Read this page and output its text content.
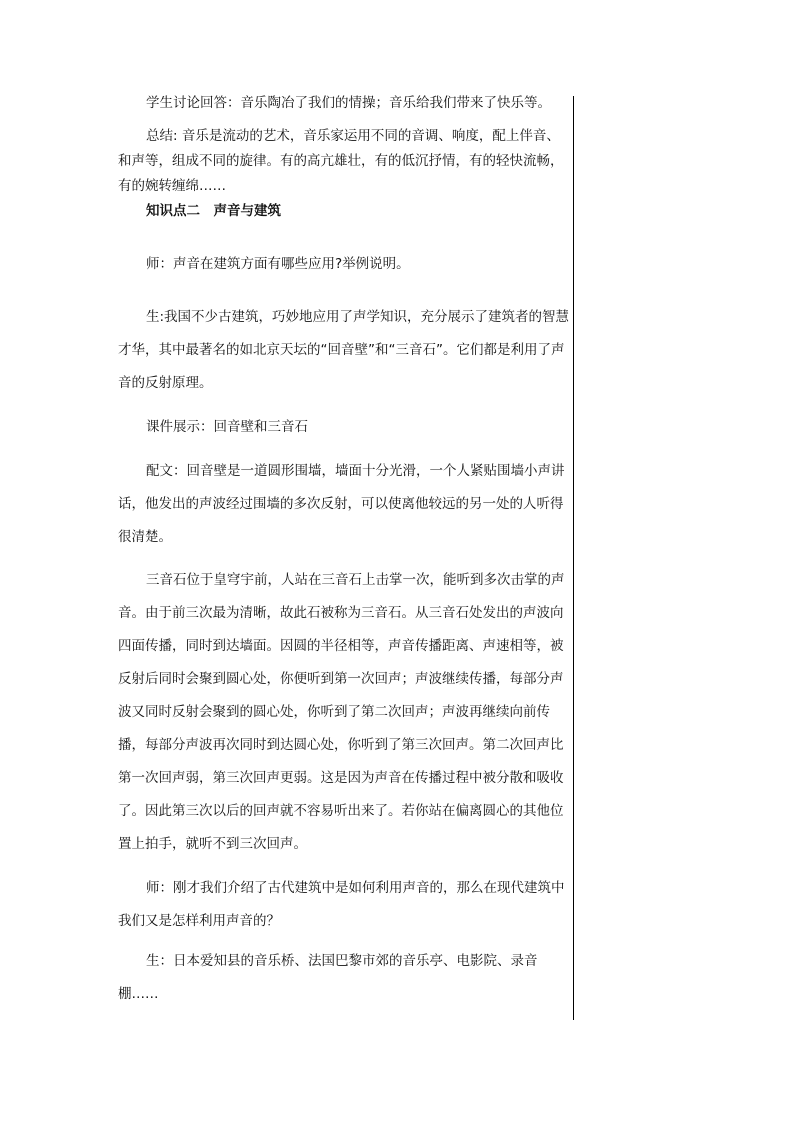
学生讨论回答：音乐陶冶了我们的情操；音乐给我们带来了快乐等。

总结: 音乐是流动的艺术，音乐家运用不同的音调、响度，配上伴音、和声等，组成不同的旋律。有的高亢雄壮，有的低沉抒情，有的轻快流畅，有的婉转缠绵……

知识点二　声音与建筑

师：声音在建筑方面有哪些应用?举例说明。

生:我国不少古建筑，巧妙地应用了声学知识，充分展示了建筑者的智慧才华，其中最著名的如北京天坛的“回音壁”和“三音石”。它们都是利用了声音的反射原理。

课件展示：回音壁和三音石

配文：回音壁是一道圆形围墙，墙面十分光滑，一个人紧贴围墙小声讲话，他发出的声波经过围墙的多次反射，可以使离他较远的另一处的人听得很清楚。

三音石位于皇穹宇前，人站在三音石上击掌一次，能听到多次击掌的声音。由于前三次最为清晰，故此石被称为三音石。从三音石处发出的声波向四面传播，同时到达墙面。因圆的半径相等，声音传播距离、声速相等，被反射后同时会聚到圆心处，你便听到第一次回声；声波继续传播，每部分声波又同时反射会聚到的圆心处，你听到了第二次回声；声波再继续向前传播，每部分声波再次同时到达圆心处，你听到了第三次回声。第二次回声比第一次回声弱，第三次回声更弱。这是因为声音在传播过程中被分散和吸收了。因此第三次以后的回声就不容易听出来了。若你站在偏离圆心的其他位置上拍手，就听不到三次回声。

师：刚才我们介绍了古代建筑中是如何利用声音的，那么在现代建筑中我们又是怎样利用声音的？

生：日本爱知县的音乐桥、法国巴黎市郊的音乐亭、电影院、录音棚……
